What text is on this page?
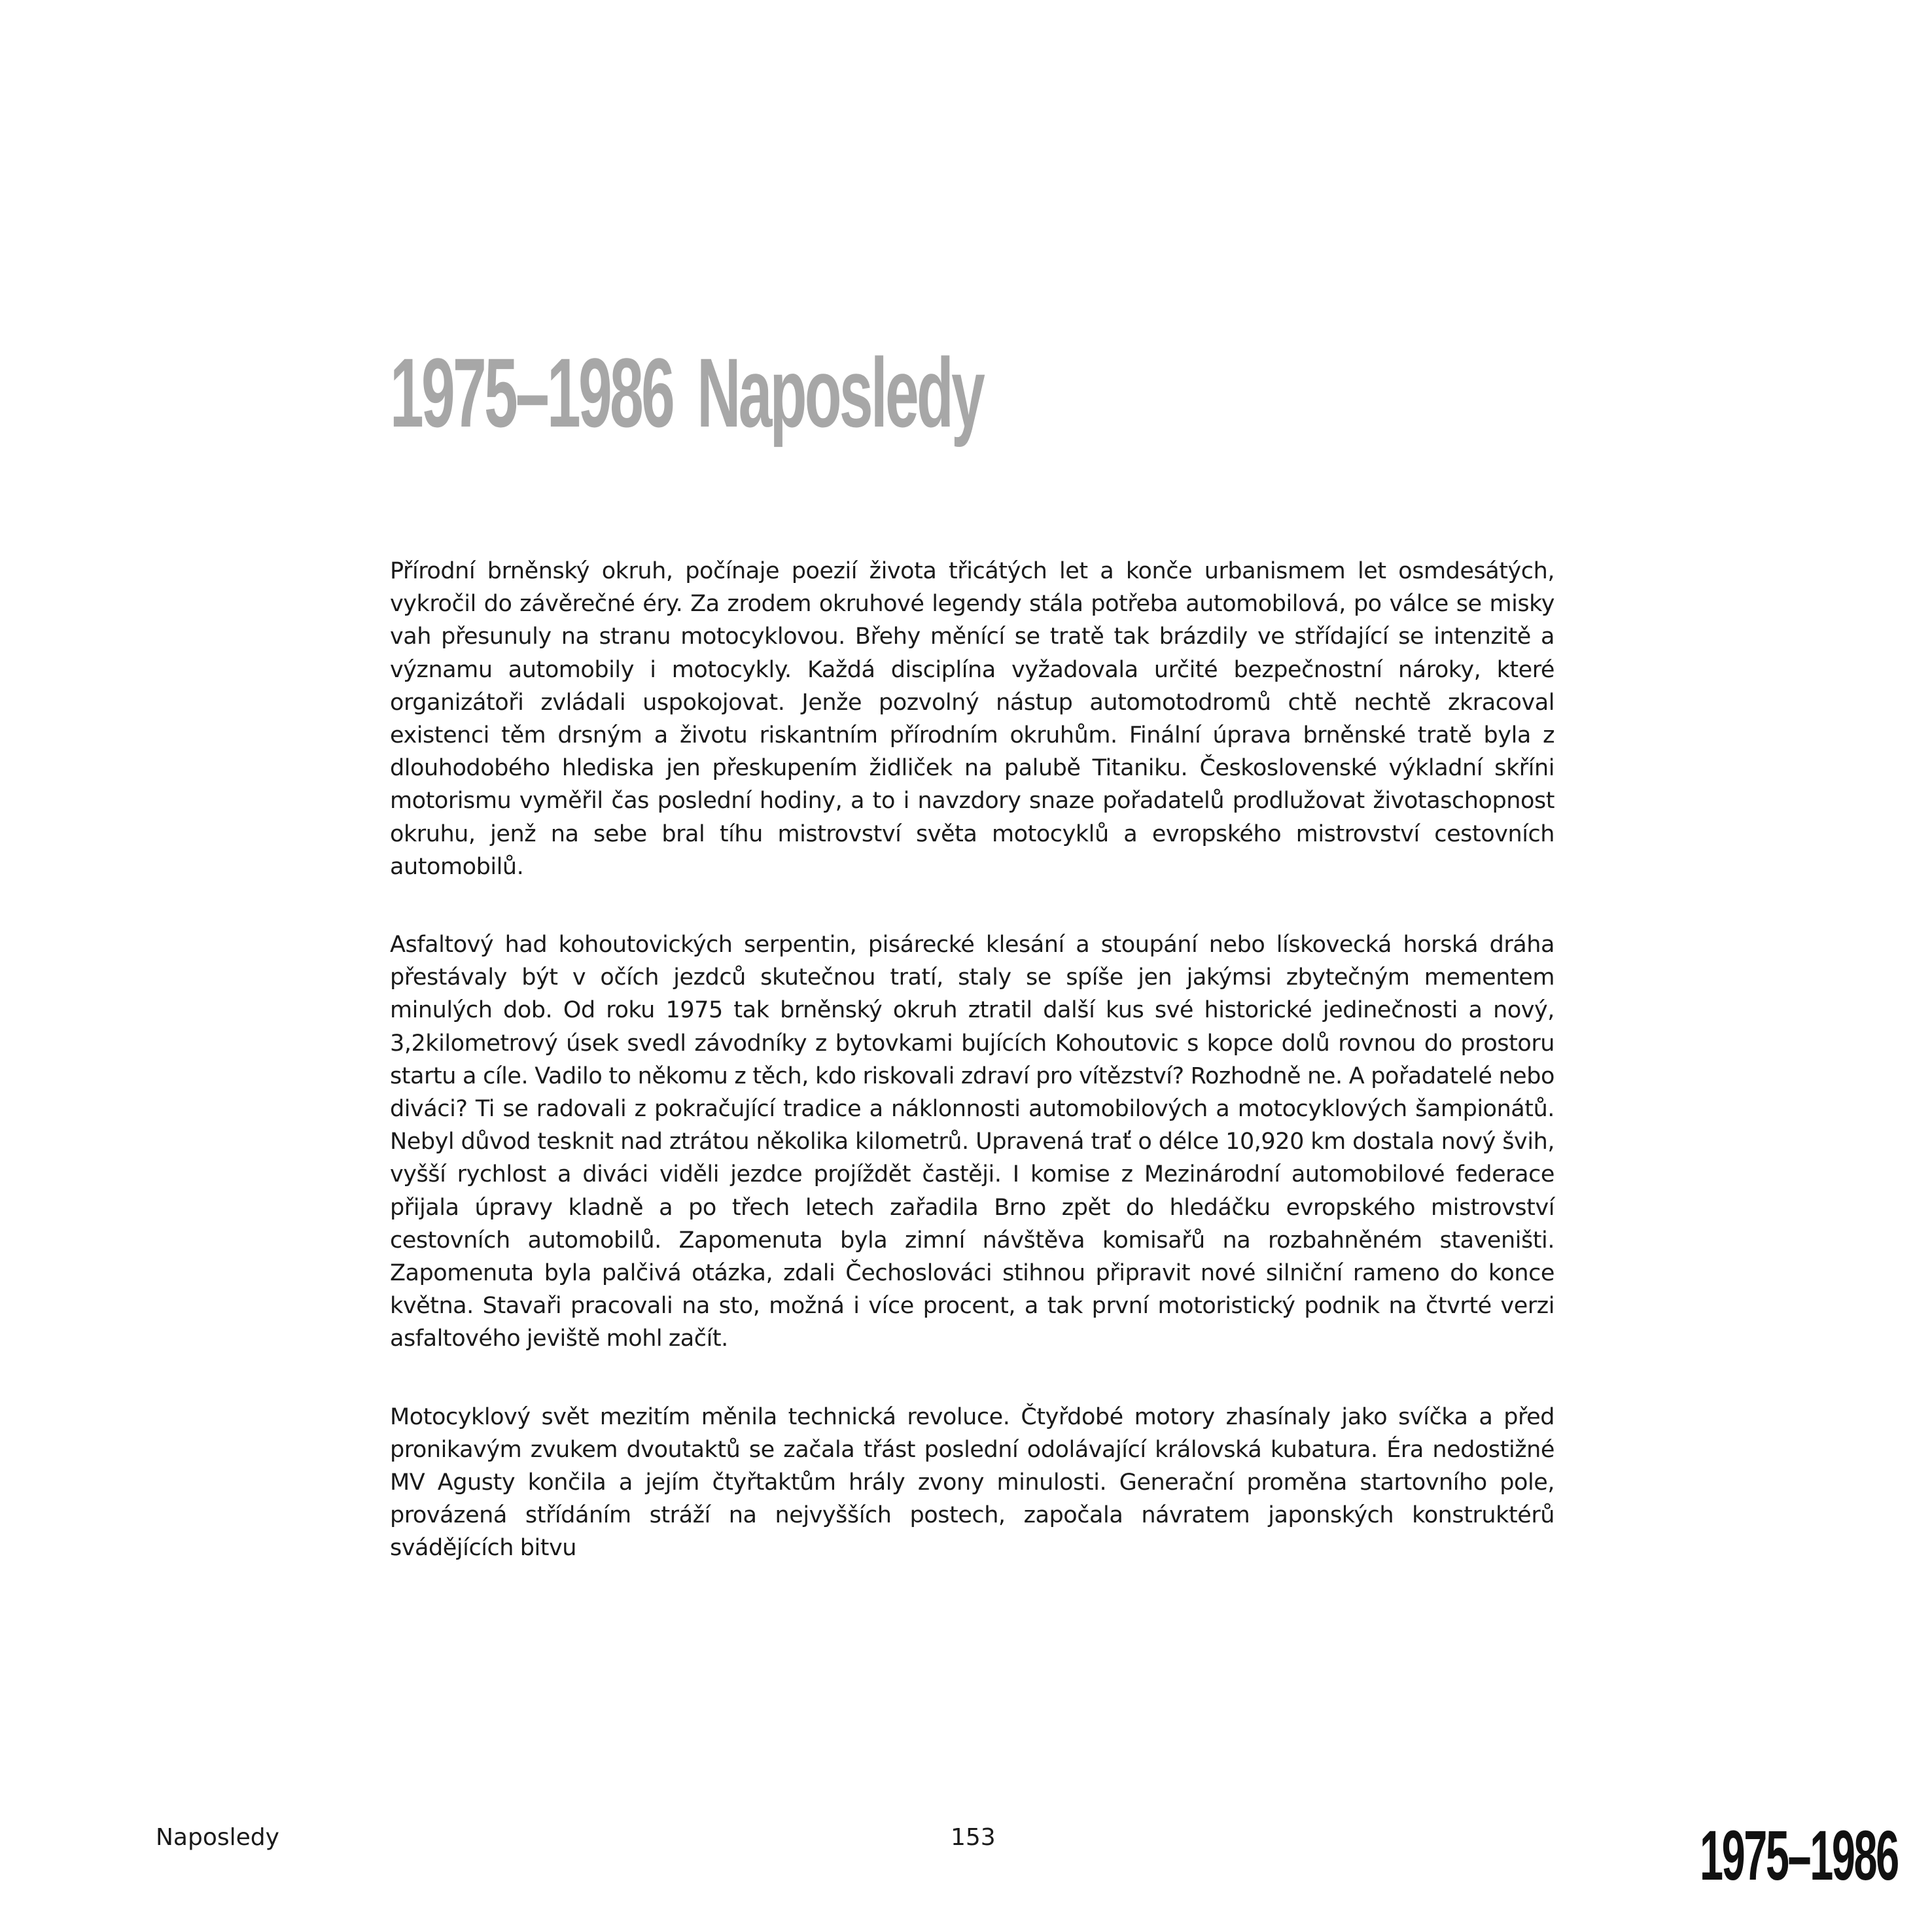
1975–1986 Naposledy

Přírodní brněnský okruh, počínaje poezií života třicátých let a konče urbanismem let osmdesátých, vykročil do závěrečné éry. Za zrodem okruhové legendy stála potřeba automobilová, po válce se misky vah přesunuly na stranu motocyklovou. Břehy měnící se tratě tak brázdily ve střídající se intenzitě a významu automobily i motocykly. Každá disciplína vyžadovala určité bezpečnostní nároky, které organizátoři zvládali uspokojovat. Jenže pozvolný nástup automotodromů chtě nechtě zkracoval existenci těm drsným a životu riskantním přírodním okruhům. Finální úprava brněnské tratě byla z dlouhodobého hlediska jen přeskupením židliček na palubě Titaniku. Československé výkladní skříni motorismu vyměřil čas poslední hodiny, a to i navzdory snaze pořadatelů prodlužovat životaschopnost okruhu, jenž na sebe bral tíhu mistrovství světa motocyklů a evropského mistrovství cestovních automobilů.

Asfaltový had kohoutovických serpentin, pisárecké klesání a stoupání nebo lískovecká horská dráha přestávaly být v očích jezdců skutečnou tratí, staly se spíše jen jakýmsi zbytečným mementem minulých dob. Od roku 1975 tak brněnský okruh ztratil další kus své historické jedinečnosti a nový, 3,2kilometrový úsek svedl závodníky z bytovkami bujících Kohoutovic s kopce dolů rovnou do prostoru startu a cíle. Vadilo to někomu z těch, kdo riskovali zdraví pro vítězství? Rozhodně ne. A pořadatelé nebo diváci? Ti se radovali z pokračující tradice a náklonnosti automobilových a motocyklových šampionátů. Nebyl důvod tesknit nad ztrátou několika kilometrů. Upravená trať o délce 10,920 km dostala nový švih, vyšší rychlost a diváci viděli jezdce projíždět častěji. I komise z Mezinárodní automobilové federace přijala úpravy kladně a po třech letech zařadila Brno zpět do hledáčku evropského mistrovství cestovních automobilů. Zapomenuta byla zimní návštěva komisařů na rozbahněném staveništi. Zapomenuta byla palčivá otázka, zdali Čechoslováci stihnou připravit nové silniční rameno do konce května. Stavaři pracovali na sto, možná i více procent, a tak první motoristický podnik na čtvrté verzi asfaltového jeviště mohl začít.

Motocyklový svět mezitím měnila technická revoluce. Čtyřdobé motory zhasínaly jako svíčka a před pronikavým zvukem dvoutaktů se začala třást poslední odolávající královská kubatura. Éra nedostižné MV Agusty končila a jejím čtyřtaktům hrály zvony minulosti. Generační proměna startovního pole, provázená střídáním stráží na nejvyšších postech, započala návratem japonských konstruktérů svádějících bitvu

Naposledy	153	1975–1986
